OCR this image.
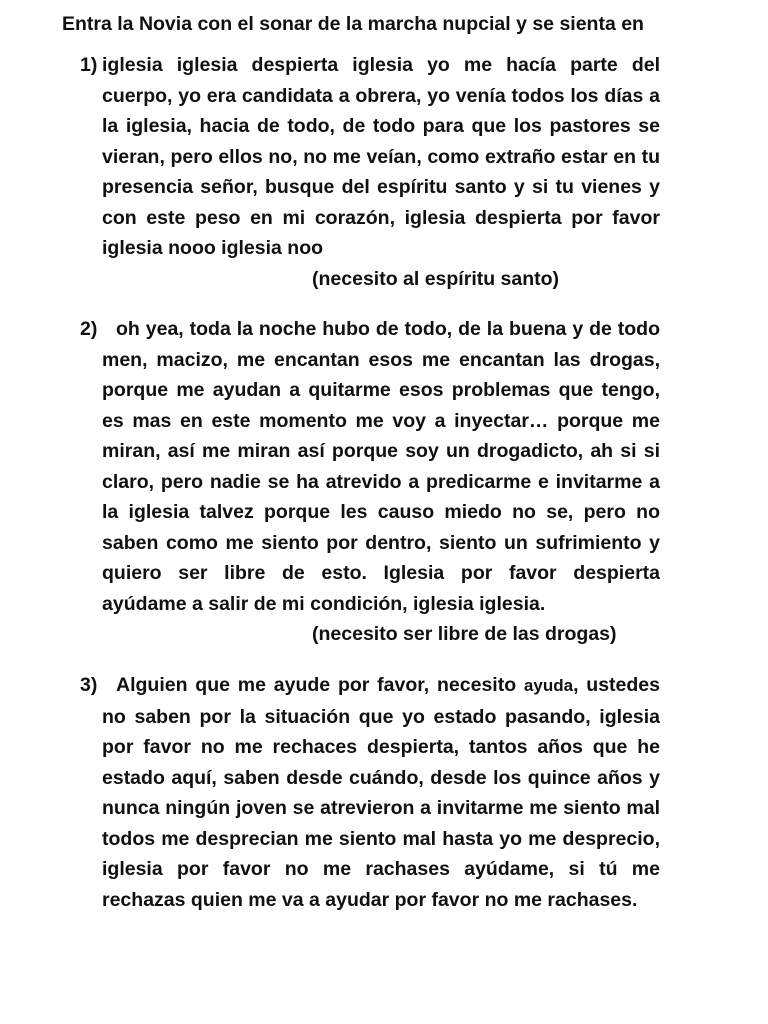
Entra la Novia con el sonar de la marcha nupcial y se sienta en
1) iglesia iglesia despierta iglesia yo me hacía parte del cuerpo, yo era candidata a obrera, yo venía todos los días a la iglesia, hacia de todo, de todo para que los pastores se vieran, pero ellos no, no me veían, como extraño estar en tu presencia señor, busque del espíritu santo y si tu vienes y con este peso en mi corazón, iglesia despierta por favor iglesia nooo iglesia noo
(necesito al espíritu santo)
2) oh yea, toda la noche hubo de todo, de la buena y de todo men, macizo, me encantan esos me encantan las drogas, porque me ayudan a quitarme esos problemas que tengo, es mas en este momento me voy a inyectar… porque me miran, así me miran así porque soy un drogadicto, ah si si claro, pero nadie se ha atrevido a predicarme e invitarme a la iglesia talvez porque les causo miedo no se, pero no saben como me siento por dentro, siento un sufrimiento y quiero ser libre de esto. Iglesia por favor despierta ayúdame a salir de mi condición, iglesia iglesia.
(necesito ser libre de las drogas)
3) Alguien que me ayude por favor, necesito ayuda, ustedes no saben por la situación que yo estado pasando, iglesia por favor no me rechaces despierta, tantos años que he estado aquí, saben desde cuándo, desde los quince años y nunca ningún joven se atrevieron a invitarme me siento mal todos me desprecian me siento mal hasta yo me desprecio, iglesia por favor no me rachases ayúdame, si tú me rechazas quien me va a ayudar por favor no me rachases.
